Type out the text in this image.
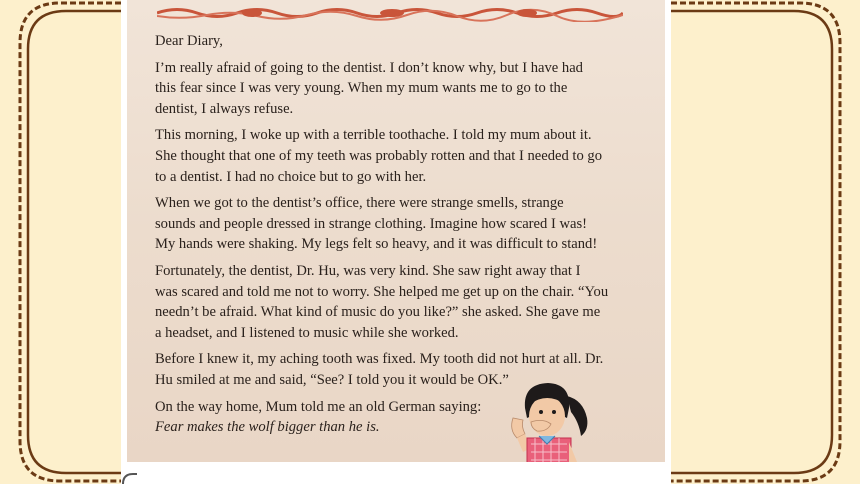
Dear Diary,

I’m really afraid of going to the dentist. I don’t know why, but I have had
this fear since I was very young. When my mum wants me to go to the
dentist, I always refuse.

This morning, I woke up with a terrible toothache. I told my mum about it.
She thought that one of my teeth was probably rotten and that I needed to go
to a dentist. I had no choice but to go with her.

When we got to the dentist’s office, there were strange smells, strange
sounds and people dressed in strange clothing. Imagine how scared I was!
My hands were shaking. My legs felt so heavy, and it was difficult to stand!

Fortunately, the dentist, Dr. Hu, was very kind. She saw right away that I
was scared and told me not to worry. She helped me get up on the chair. “You
needn’t be afraid. What kind of music do you like?” she asked. She gave me
a headset, and I listened to music while she worked.

Before I knew it, my aching tooth was fixed. My tooth did not hurt at all. Dr.
Hu smiled at me and said, “See? I told you it would be OK.”

On the way home, Mum told me an old German saying:
Fear makes the wolf bigger than he is.
